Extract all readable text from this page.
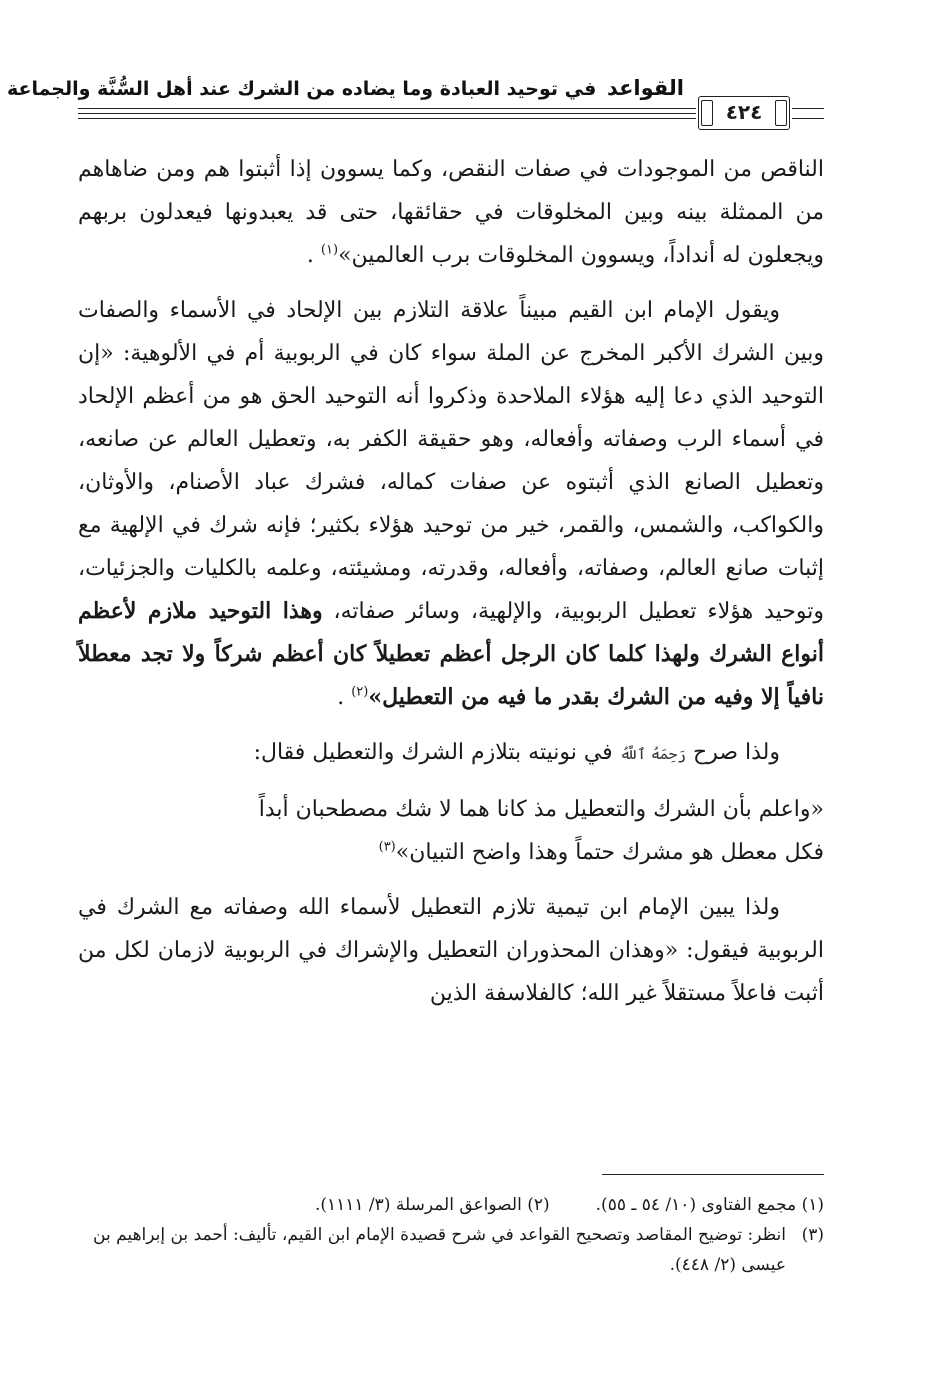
القواعد في توحيد العبادة وما يضاده من الشرك عند أهل السُّنَّة والجماعة
٤٢٤

الناقص من الموجودات في صفات النقص، وكما يسوون إذا أثبتوا هم ومن ضاهاهم من الممثلة بينه وبين المخلوقات في حقائقها، حتى قد يعبدونها فيعدلون بربهم ويجعلون له أنداداً، ويسوون المخلوقات برب العالمين»$^{(١)}$ .

ويقول الإمام ابن القيم مبيناً علاقة التلازم بين الإلحاد في الأسماء والصفات وبين الشرك الأكبر المخرج عن الملة سواء كان في الربوبية أم في الألوهية: «إن التوحيد الذي دعا إليه هؤلاء الملاحدة وذكروا أنه التوحيد الحق هو من أعظم الإلحاد في أسماء الرب وصفاته وأفعاله، وهو حقيقة الكفر به، وتعطيل العالم عن صانعه، وتعطيل الصانع الذي أثبتوه عن صفات كماله، فشرك عباد الأصنام، والأوثان، والكواكب، والشمس، والقمر، خير من توحيد هؤلاء بكثير؛ فإنه شرك في الإلهية مع إثبات صانع العالم، وصفاته، وأفعاله، وقدرته، ومشيئته، وعلمه بالكليات والجزئيات، وتوحيد هؤلاء تعطيل الربوبية، والإلهية، وسائر صفاته، وهذا التوحيد ملازم لأعظم أنواع الشرك ولهذا كلما كان الرجل أعظم تعطيلاً كان أعظم شركاً ولا تجد معطلاً نافياً إلا وفيه من الشرك بقدر ما فيه من التعطيل»$^{(٢)}$ .

ولذا صرح رَحِمَهُ ٱللَّهُ في نونيته بتلازم الشرك والتعطيل فقال:

«واعلم بأن الشرك والتعطيل مذ كانا هما لا شك مصطحبان أبداً

فكل معطل هو مشرك حتماً وهذا واضح التبيان»$^{(٣)}$

ولذا يبين الإمام ابن تيمية تلازم التعطيل لأسماء الله وصفاته مع الشرك في الربوبية فيقول: «وهذان المحذوران التعطيل والإشراك في الربوبية لازمان لكل من أثبت فاعلاً مستقلاً غير الله؛ كالفلاسفة الذين

(١) مجمع الفتاوى (١٠/ ٥٤ ـ ٥٥).
(٢) الصواعق المرسلة (٣/ ١١١١).
(٣)
انظر: توضيح المقاصد وتصحيح القواعد في شرح قصيدة الإمام ابن القيم، تأليف: أحمد بن إبراهيم بن عيسى (٢/ ٤٤٨).
